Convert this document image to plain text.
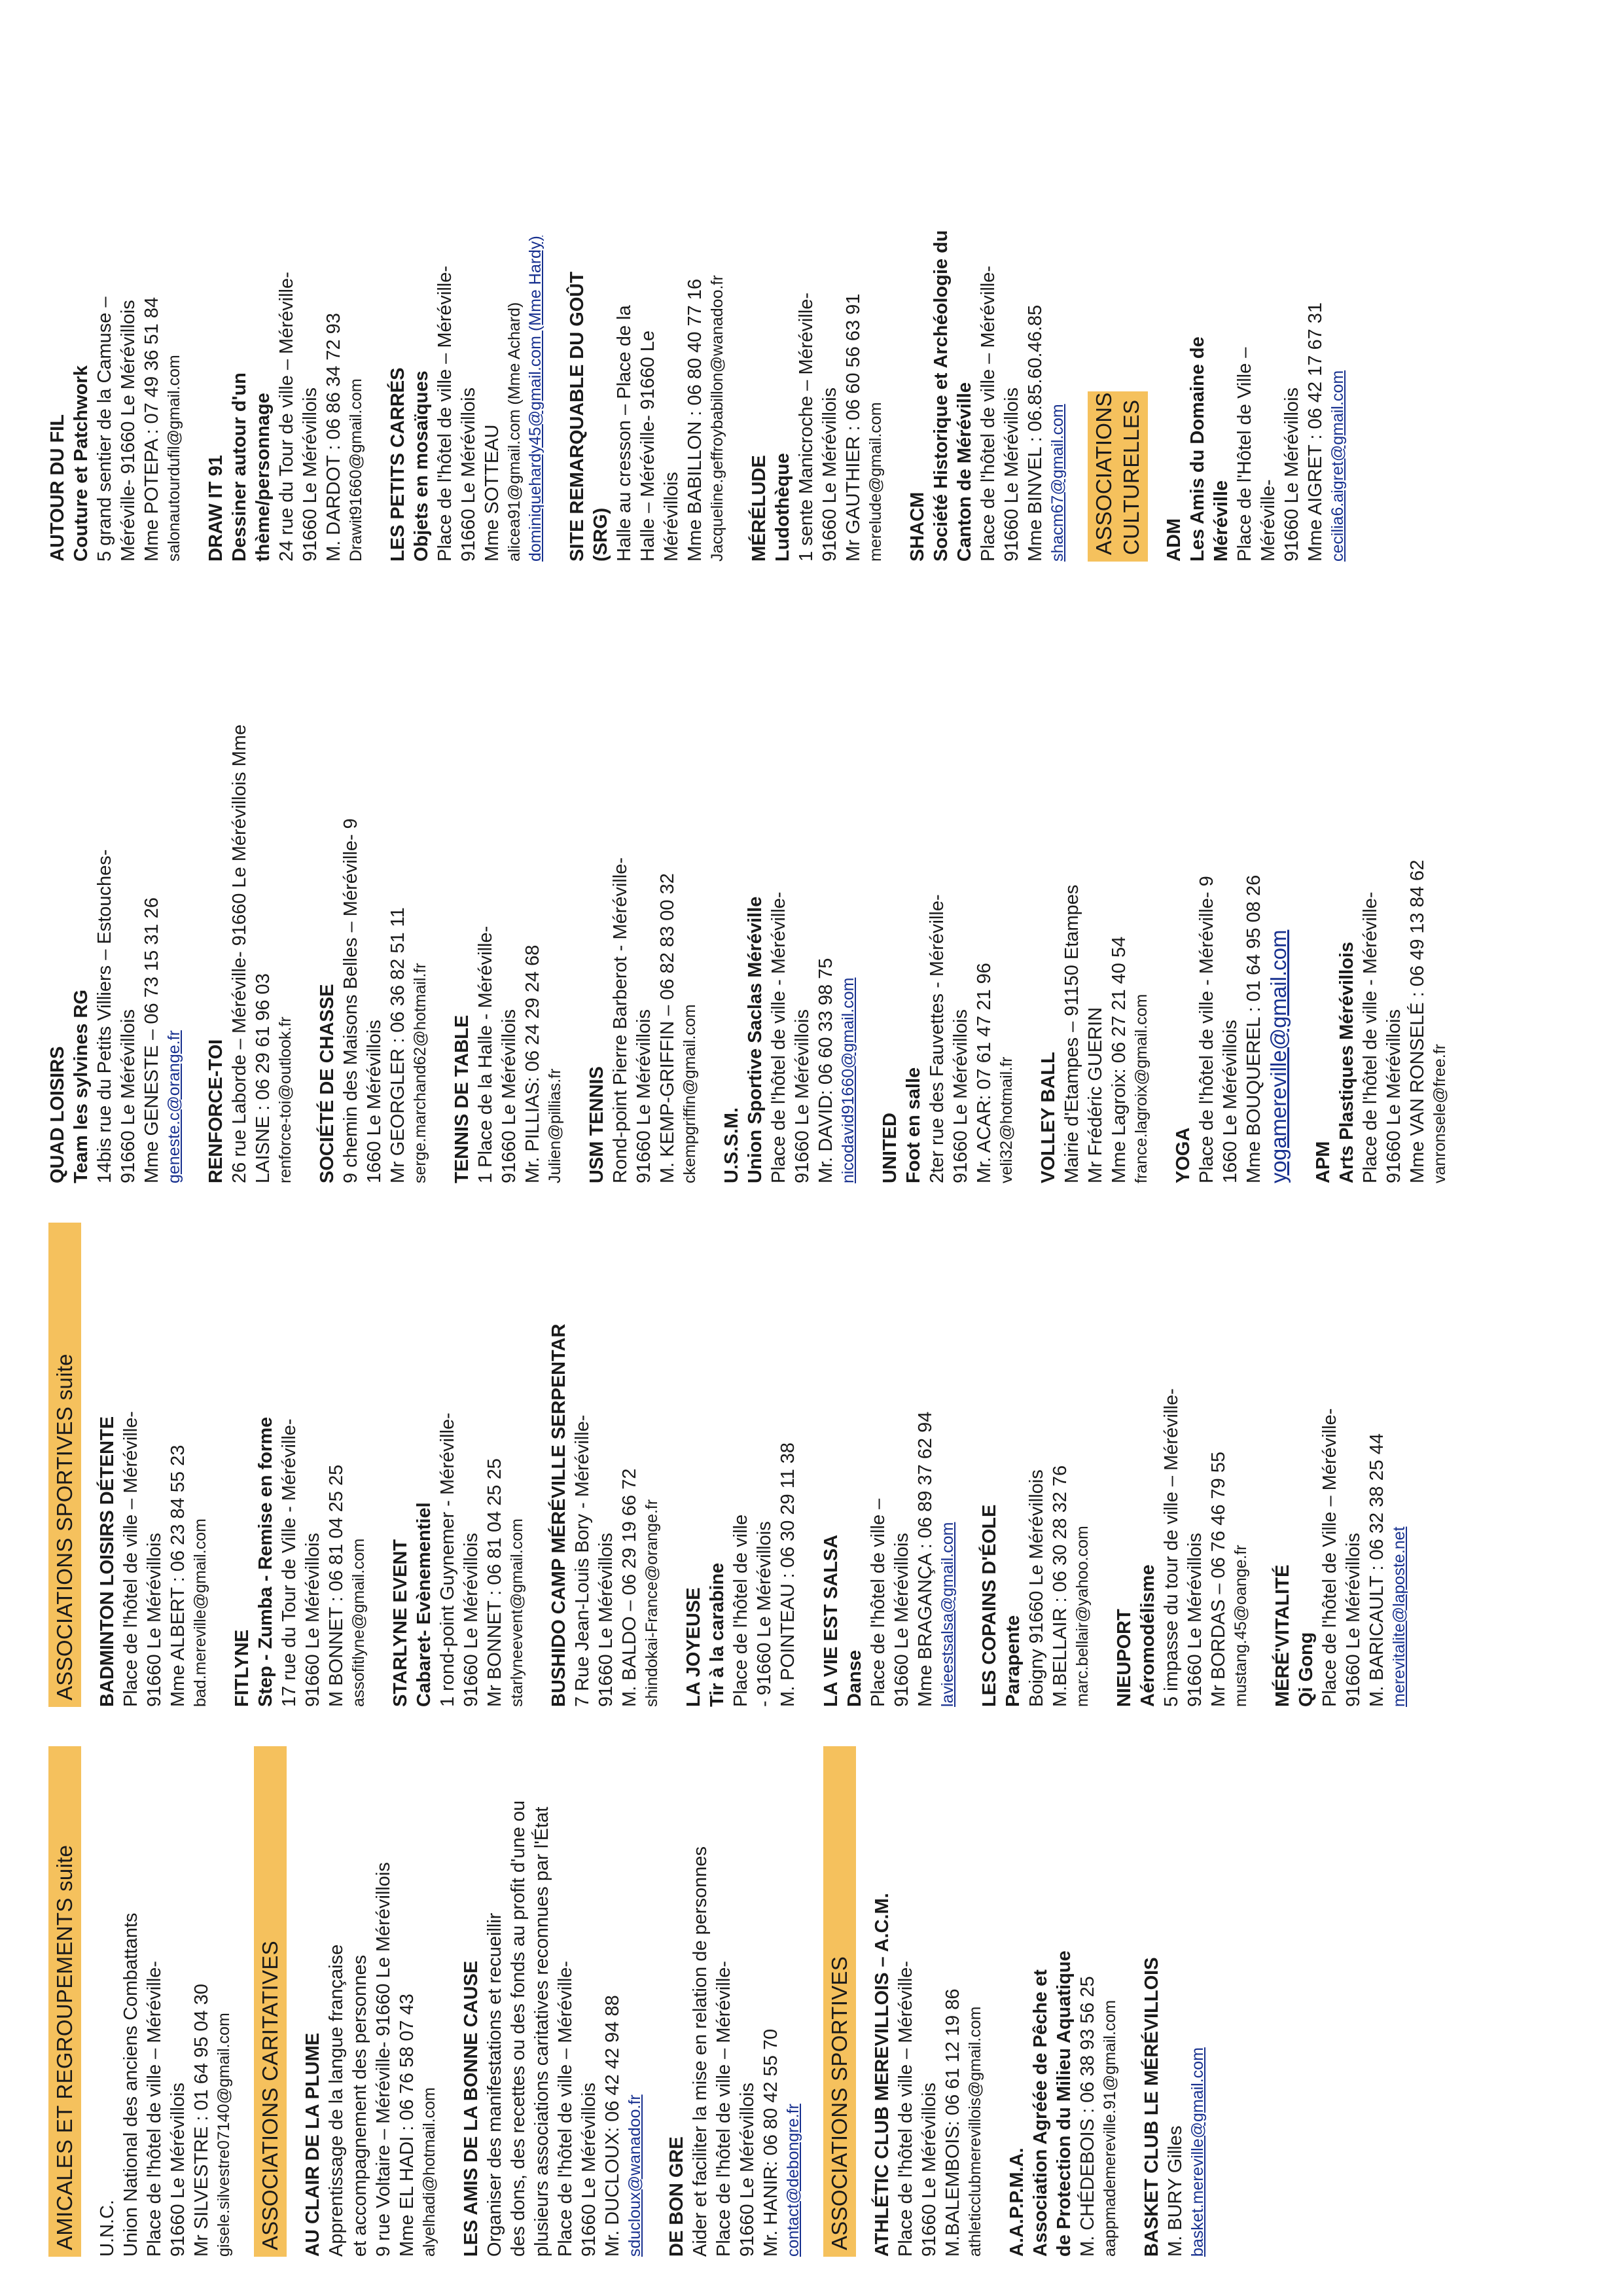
AMICALES ET REGROUPEMENTS suite U.N.C. Union National des anciens Combattants Place de l'hôtel de ville – Méréville- 91660 Le Mérévillois Mr SILVESTRE : 01 64 95 04 30 gisele.silvestre07140@gmail.com ASSOCIATIONS CARITATIVES AU CLAIR DE LA PLUME Apprentissage de la langue française et accompagnement des personnes 9 rue Voltaire – Méréville- 91660 Le Mérévillois Mme EL HADI : 06 76 58 07 43 alyelhadi@hotmail.com LES AMIS DE LA BONNE CAUSE Organiser des manifestations et recueillir des dons, des recettes ou des fonds au profit d'une ou plusieurs associations caritatives reconnues par l'État Place de l'hôtel de ville – Méréville- 91660 Le Mérévillois Mr. DUCLOUX: 06 42 42 94 88 sducloux@wanadoo.fr DE BON GRE Aider et faciliter la mise en relation de personnes Place de l'hôtel de ville – Méréville- 91660 Le Mérévillois Mr. HANIR: 06 80 42 55 70 contact@debongre.fr ASSOCIATIONS SPORTIVES ATHLÉTIC CLUB MEREVILLOIS – A.C.M. Place de l'hôtel de ville – Méréville- 91660 Le Mérévillois M.BALEMBOIS: 06 61 12 19 86 athleticclubmerevillois@gmail.com A.A.P.P.M.A. Association Agréée de Pêche et de Protection du Milieu Aquatique M. CHÉDEBOIS : 06 38 93 56 25 aappmademereville.91@gmail.com BASKET CLUB LE MÉRÉVILLOIS M. BURY Gilles basket.mereville@gmail.com
ASSOCIATIONS SPORTIVES suite BADMINTON LOISIRS DÉTENTE Place de l'hôtel de ville – Méréville- 91660 Le Mérévillois Mme ALBERT : 06 23 84 55 23 bad.mereville@gmail.com FITLYNE Step - Zumba - Remise en forme 17 rue du Tour de Ville - Méréville- 91660 Le Mérévillois M BONNET : 06 81 04 25 25 assofitlyne@gmail.com STARLYNE EVENT Cabaret- Evènementiel 1 rond-point Guynemer - Méréville- 91660 Le Mérévillois Mr BONNET : 06 81 04 25 25 starlyneevent@gmail.com BUSHIDO CAMP MÉRÉVILLE SERPENTAR 7 Rue Jean-Louis Bory - Méréville- 91660 Le Mérévillois M. BALDO – 06 29 19 66 72 shindokai-France@orange.fr LA JOYEUSE Tir à la carabine Place de l'hôtel de ville - 91660 Le Mérévillois M. POINTEAU : 06 30 29 11 38 LA VIE EST SALSA Danse Place de l'hôtel de ville – 91660 Le Mérévillois Mme BRAGANÇA : 06 89 37 62 94 lavieestsalsa@gmail.com LES COPAINS D'ÉOLE Parapente Boigny 91660 Le Mérévillois M.BELLAIR : 06 30 28 32 76 marc.bellair@yahoo.com NIEUPORT Aéromodélisme 5 impasse du tour de ville – Méréville- 91660 Le Mérévillois Mr BORDAS – 06 76 46 79 55 mustang.45@oange.fr MÉRÉ'VITALITÉ Qi Gong Place de l'hôtel de Ville – Méréville- 91660 Le Mérévillois M. BARICAULT : 06 32 38 25 44 merevitalite@laposte.net
QUAD LOISIRS Team les sylvines RG 14bis rue du Petits Villiers – Estouches- 91660 Le Mérévillois Mme GENESTE – 06 73 15 31 26 geneste.c@orange.fr RENFORCE-TOI 26 rue Laborde – Méréville- 91660 Le Mérévillois Mme LAISNE : 06 29 61 96 03 renforce-toi@outlook.fr SOCIÉTÉ DE CHASSE 9 chemin des Maisons Belles – Méréville- 9 1660 Le Mérévillois Mr GEORGLER : 06 36 82 51 11 serge.marchand62@hotmail.fr TENNIS DE TABLE 1 Place de la Halle - Méréville- 91660 Le Mérévillois Mr. PILLIAS: 06 24 29 24 68 Julien@pillias.fr USM TENNIS Rond-point Pierre Barberot - Méréville- 91660 Le Mérévillois M. KEMP-GRIFFIN – 06 82 83 00 32 ckempgriffin@gmail.com U.S.S.M. Union Sportive Saclas Méréville Place de l'hôtel de ville - Méréville- 91660 Le Mérévillois Mr. DAVID: 06 60 33 98 75 nicodavid91660@gmail.com UNITED Foot en salle 2ter rue des Fauvettes - Méréville- 91660 Le Mérévillois Mr. ACAR: 07 61 47 21 96 veli32@hotmail.fr VOLLEY BALL Mairie d'Etampes – 91150 Etampes Mr Frédéric GUERIN Mme Lagroix: 06 27 21 40 54 france.lagroix@gmail.com YOGA Place de l'hôtel de ville - Méréville- 9 1660 Le Mérévillois Mme BOUQUEREL : 01 64 95 08 26 yogamereville@gmail.com APM Arts Plastiques Mérévillois Place de l'hôtel de ville - Méréville- 91660 Le Mérévillois Mme VAN RONSELÉ : 06 49 13 84 62 vanronsele@free.fr
AUTOUR DU FIL Couture et Patchwork 5 grand sentier de la Camuse – Méréville- 91660 Le Mérévillois Mme POTEPA : 07 49 36 51 84 salonautourdufil@gmail.com DRAW IT 91 Dessiner autour d'un thème/personnage 24 rue du Tour de ville – Méréville- 91660 Le Mérévillois M. DARDOT : 06 86 34 72 93 Drawit91660@gmail.com LES PETITS CARRÉS Objets en mosaïques Place de l'hôtel de ville – Méréville- 91660 Le Mérévillois Mme SOTTEAU alicea91@gmail.com (Mme Achard) dominiquehardy45@gmail.com (Mme Hardy) SITE REMARQUABLE DU GOÛT (SRG) Halle au cresson – Place de la Halle – Méréville- 91660 Le Mérévillois Mme BABILLON : 06 80 40 77 16 Jacqueline.geffroybabillon@wanadoo.fr MÉRÉLUDE Ludothèque 1 sente Manicroche – Méréville- 91660 Le Mérévillois Mr GAUTHIER : 06 60 56 63 91 merelude@gmail.com SHACM Société Historique et Archéologie du Canton de Méréville Place de l'hôtel de ville – Méréville- 91660 Le Mérévillois Mme BINVEL : 06.85.60.46.85 shacm67@gmail.com ASSOCIATIONS CULTURELLES ADM Les Amis du Domaine de Méréville Place de l'Hôtel de Ville – Méréville- 91660 Le Mérévillois Mme AIGRET : 06 42 17 67 31 cecilia6.aigret@gmail.com
